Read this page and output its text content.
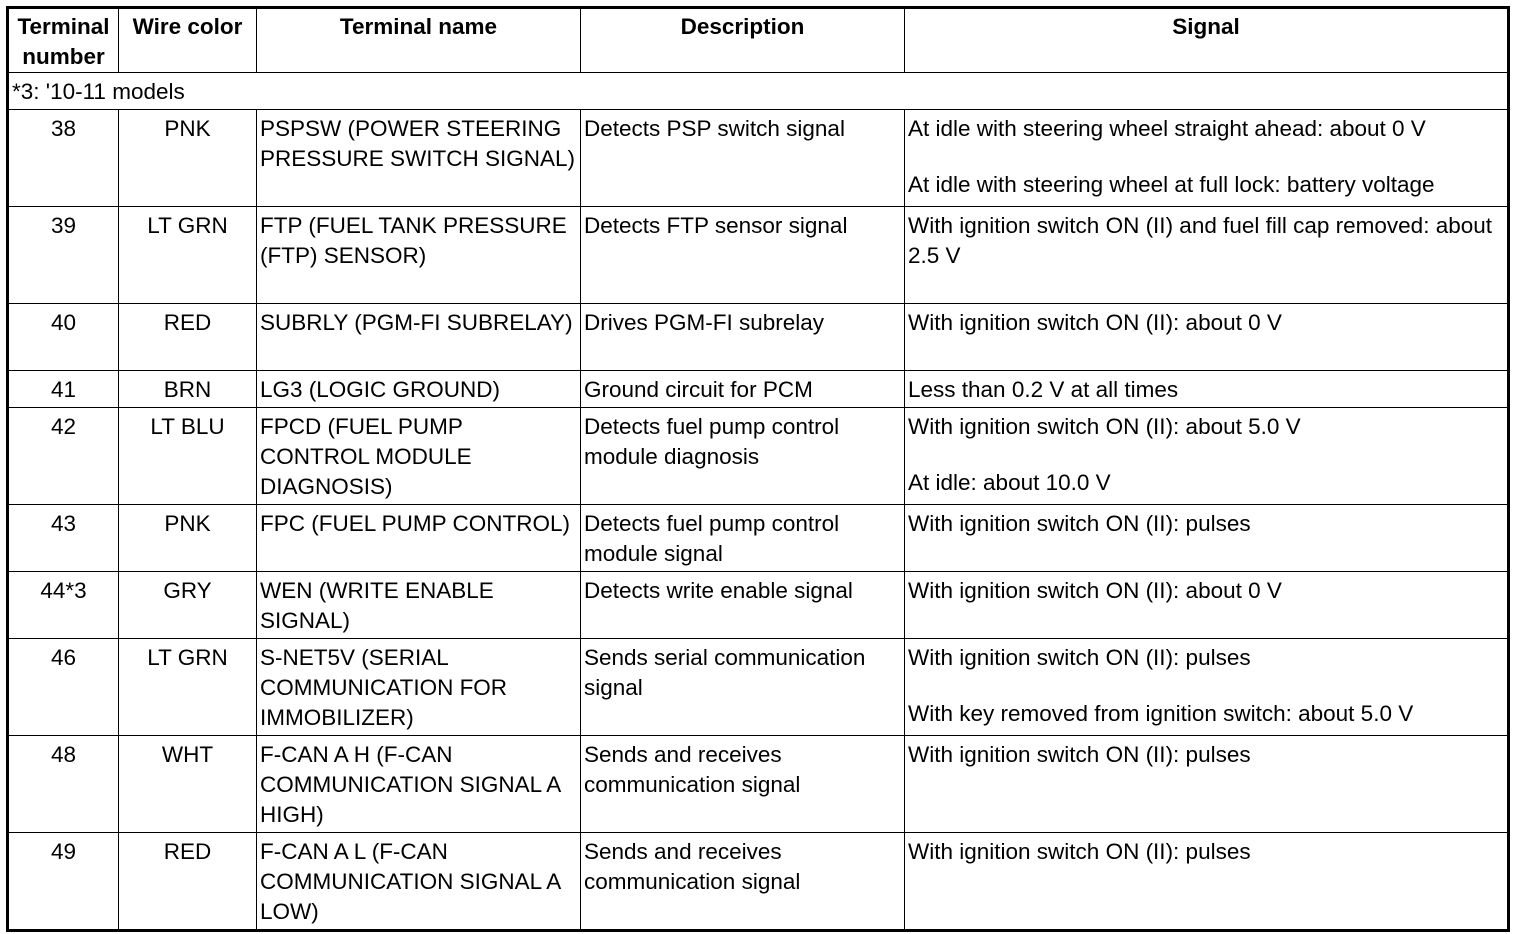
Terminal number	Wire color	Terminal name	Description	Signal
*3: '10-11 models				
38	PNK	PSPSW (POWER STEERING PRESSURE SWITCH SIGNAL)	Detects PSP switch signal	At idle with steering wheel straight ahead: about 0 V
At idle with steering wheel at full lock: battery voltage

39	LT GRN	FTP (FUEL TANK PRESSURE (FTP) SENSOR)	Detects FTP sensor signal	With ignition switch ON (II) and fuel fill cap removed: about 2.5 V

40	RED	SUBRLY (PGM-FI SUBRELAY)	Drives PGM-FI subrelay	With ignition switch ON (II): about 0 V

41	BRN	LG3 (LOGIC GROUND)	Ground circuit for PCM	Less than 0.2 V at all times

42	LT BLU	FPCD (FUEL PUMP CONTROL MODULE DIAGNOSIS)	Detects fuel pump control module diagnosis	With ignition switch ON (II): about 5.0 V
At idle: about 10.0 V

43	PNK	FPC (FUEL PUMP CONTROL)	Detects fuel pump control module signal	With ignition switch ON (II): pulses

44*3	GRY	WEN (WRITE ENABLE SIGNAL)	Detects write enable signal	With ignition switch ON (II): about 0 V

46	LT GRN	S-NET5V (SERIAL COMMUNICATION FOR IMMOBILIZER)	Sends serial communication signal	With ignition switch ON (II): pulses
With key removed from ignition switch: about 5.0 V

48	WHT	F-CAN A H (F-CAN COMMUNICATION SIGNAL A HIGH)	Sends and receives communication signal	With ignition switch ON (II): pulses

49	RED	F-CAN A L (F-CAN COMMUNICATION SIGNAL A LOW)	Sends and receives communication signal	With ignition switch ON (II): pulses
